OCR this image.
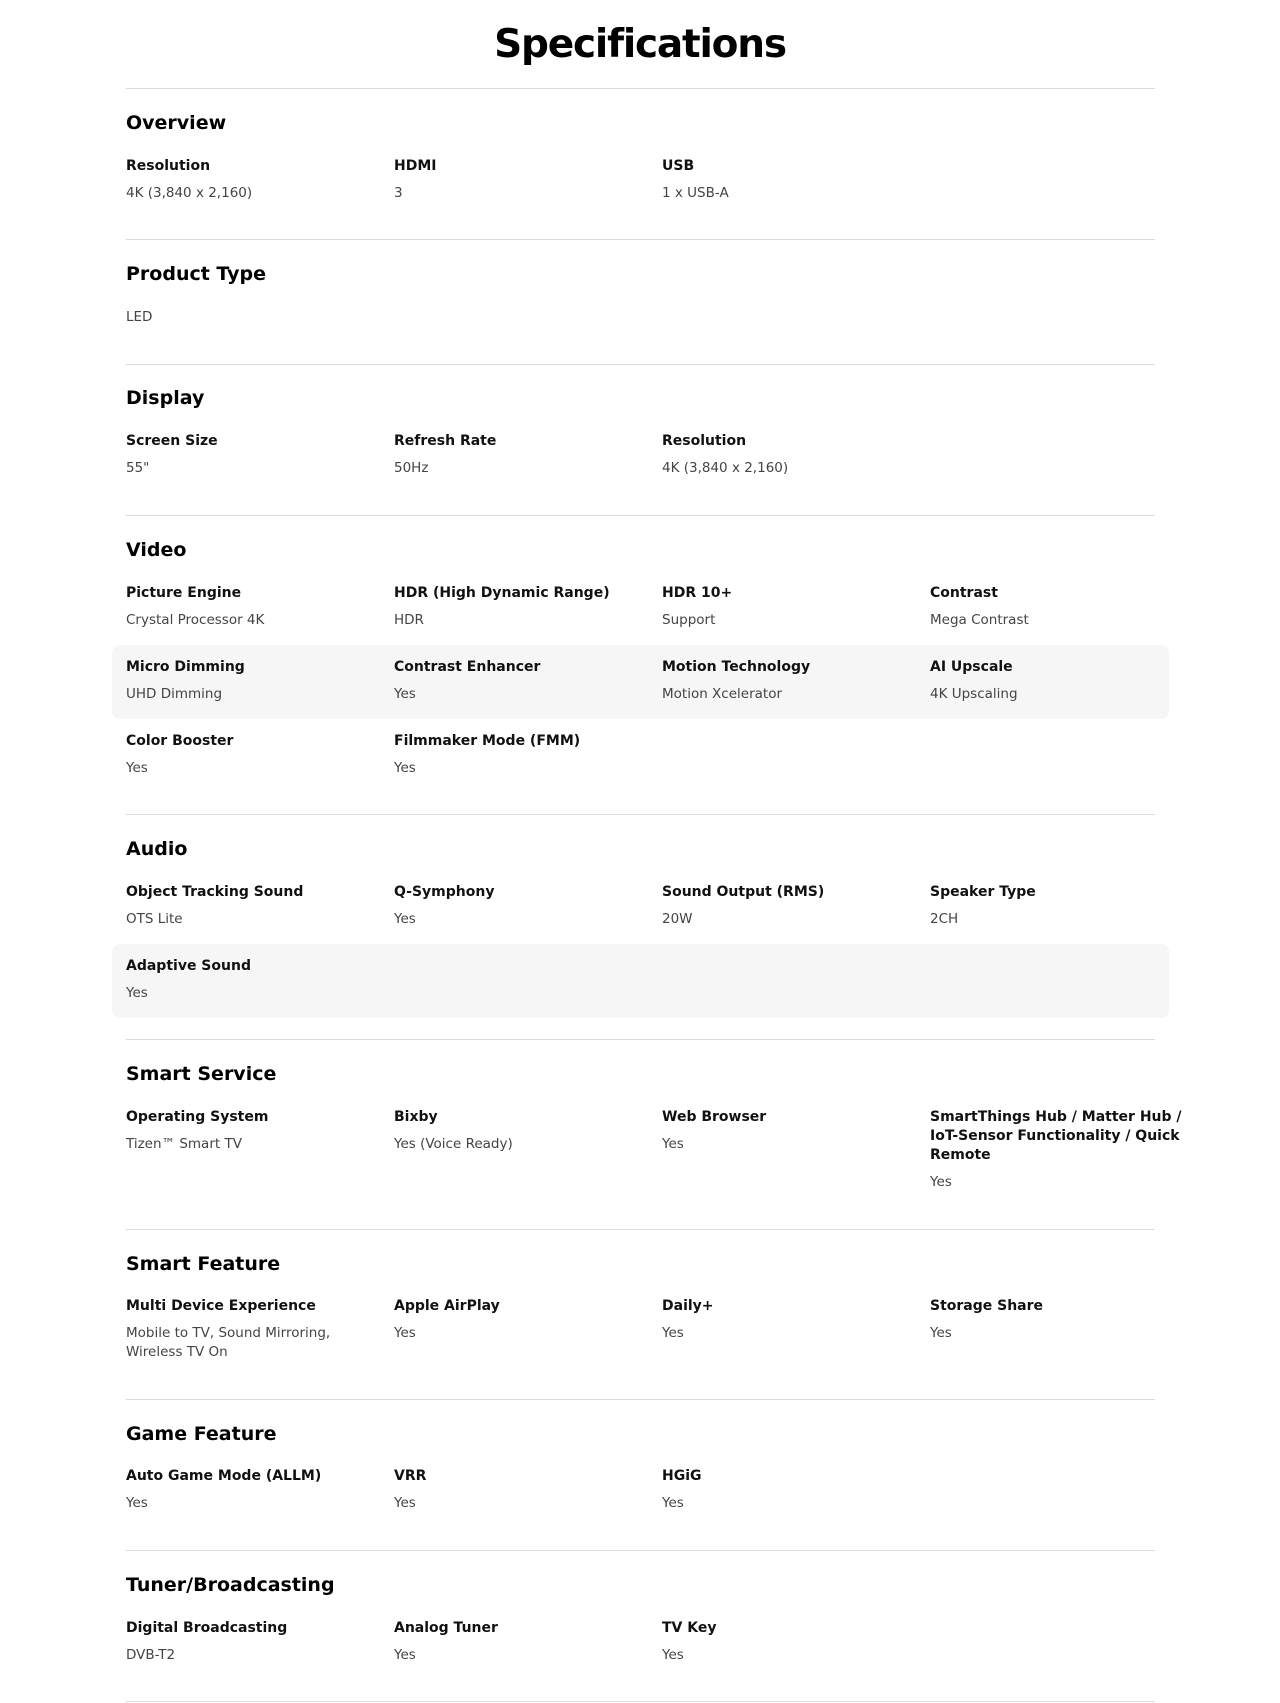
Specifications
Overview
Resolution
4K (3,840 x 2,160)
HDMI
3
USB
1 x USB-A
Product Type
LED
Display
Screen Size
55"
Refresh Rate
50Hz
Resolution
4K (3,840 x 2,160)
Video
Picture Engine
Crystal Processor 4K
HDR (High Dynamic Range)
HDR
HDR 10+
Support
Contrast
Mega Contrast
Micro Dimming
UHD Dimming
Contrast Enhancer
Yes
Motion Technology
Motion Xcelerator
AI Upscale
4K Upscaling
Color Booster
Yes
Filmmaker Mode (FMM)
Yes
Audio
Object Tracking Sound
OTS Lite
Q-Symphony
Yes
Sound Output (RMS)
20W
Speaker Type
2CH
Adaptive Sound
Yes
Smart Service
Operating System
Tizen™ Smart TV
Bixby
Yes (Voice Ready)
Web Browser
Yes
SmartThings Hub / Matter Hub / IoT-Sensor Functionality / Quick Remote
Yes
Smart Feature
Multi Device Experience
Mobile to TV, Sound Mirroring, Wireless TV On
Apple AirPlay
Yes
Daily+
Yes
Storage Share
Yes
Game Feature
Auto Game Mode (ALLM)
Yes
VRR
Yes
HGiG
Yes
Tuner/Broadcasting
Digital Broadcasting
DVB-T2
Analog Tuner
Yes
TV Key
Yes
